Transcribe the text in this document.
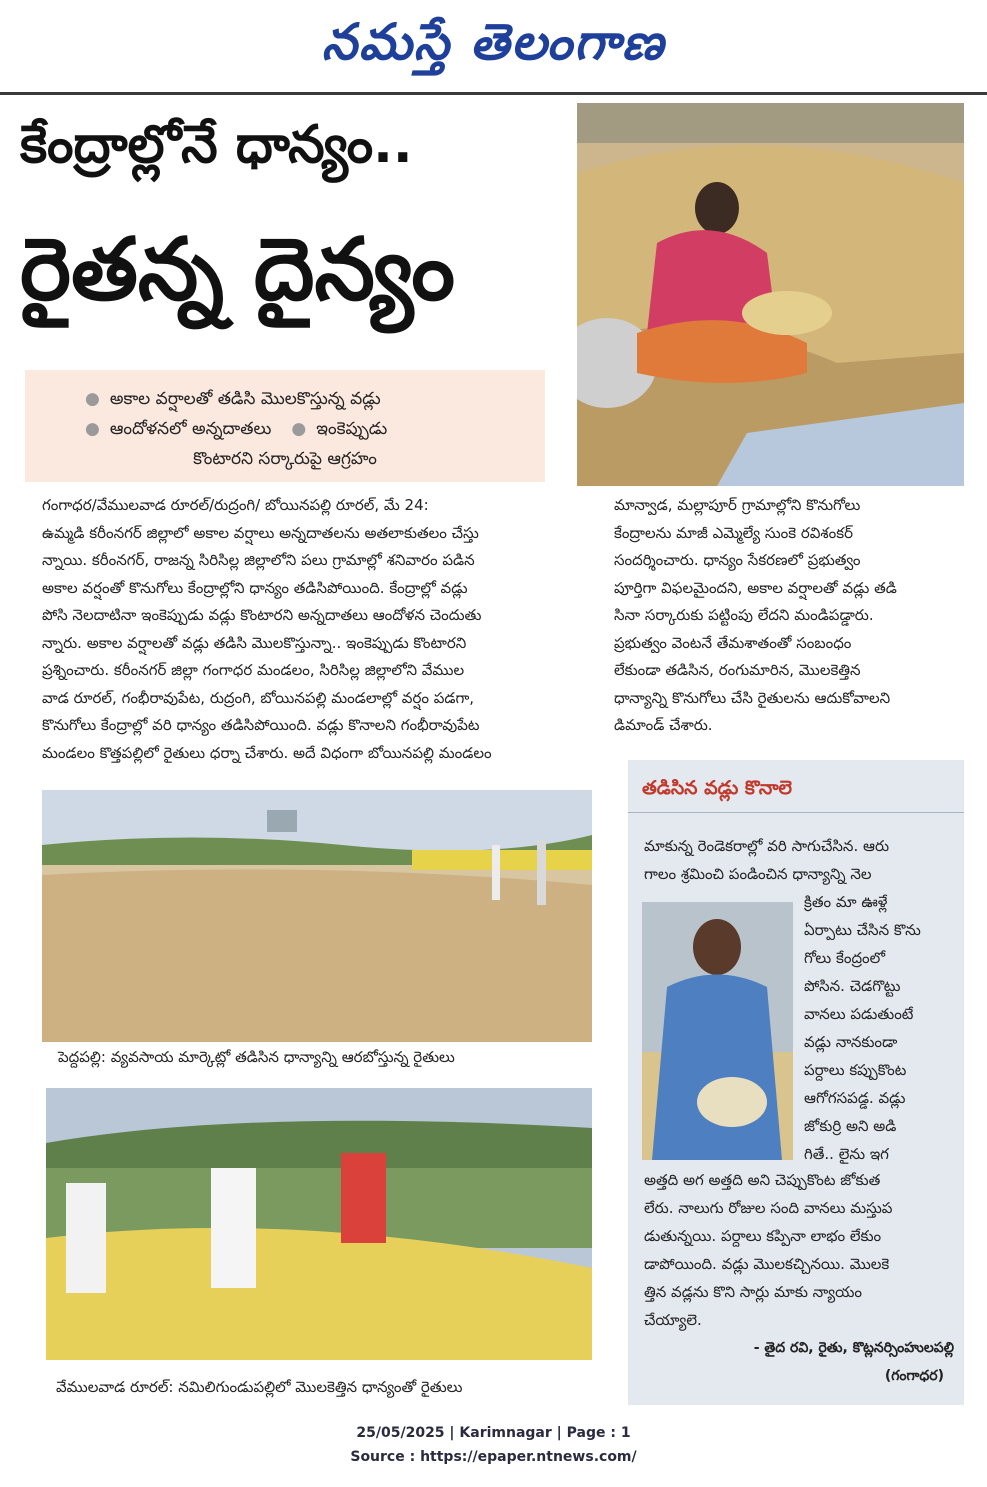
నమస్తే తెలంగాణ
కేంద్రాల్లోనే ధాన్యం..
రైతన్న దైన్యం
● అకాల వర్షాలతో తడిసి మొలకొస్తున్న వడ్లు
● ఆందోళనలో అన్నదాతలు ● ఇంకెప్పుడు
కొంటారని సర్కారుపై ఆగ్రహం
గంగాధర/వేములవాడ రూరల్/రుద్రంగి/ బోయినపల్లి రూరల్, మే 24:
ఉమ్మడి కరీంనగర్ జిల్లాలో అకాల వర్షాలు అన్నదాతలను అతలాకుతలం చేస్తు
న్నాయి. కరీంనగర్, రాజన్న సిరిసిల్ల జిల్లాలోని పలు గ్రామాల్లో శనివారం పడిన
అకాల వర్షంతో కొనుగోలు కేంద్రాల్లోని ధాన్యం తడిసిపోయింది. కేంద్రాల్లో వడ్లు
పోసి నెలదాటినా ఇంకెప్పుడు వడ్లు కొంటారని అన్నదాతలు ఆందోళన చెందుతు
న్నారు. అకాల వర్షాలతో వడ్లు తడిసి మొలకొస్తున్నా.. ఇంకెప్పుడు కొంటారని
ప్రశ్నించారు. కరీంనగర్ జిల్లా గంగాధర మండలం, సిరిసిల్ల జిల్లాలోని వేముల
వాడ రూరల్, గంభీరావుపేట, రుద్రంగి, బోయినపల్లి మండలాల్లో వర్షం పడగా,
కొనుగోలు కేంద్రాల్లో వరి ధాన్యం తడిసిపోయింది. వడ్లు కొనాలని గంభీరావుపేట
మండలం కొత్తపల్లిలో రైతులు ధర్నా చేశారు. అదే విధంగా బోయినపల్లి మండలం
మాన్వాడ, మల్లాపూర్ గ్రామాల్లోని కొనుగోలు
కేంద్రాలను మాజీ ఎమ్మెల్యే సుంకె రవిశంకర్
సందర్శించారు. ధాన్యం సేకరణలో ప్రభుత్వం
పూర్తిగా విఫలమైందని, అకాల వర్షాలతో వడ్లు తడి
సినా సర్కారుకు పట్టింపు లేదని మండిపడ్డారు.
ప్రభుత్వం వెంటనే తేమశాతంతో సంబంధం
లేకుండా తడిసిన, రంగుమారిన, మొలకెత్తిన
ధాన్యాన్ని కొనుగోలు చేసి రైతులను ఆదుకోవాలని
డిమాండ్ చేశారు.
పెద్దపల్లి: వ్యవసాయ మార్కెట్లో తడిసిన ధాన్యాన్ని ఆరబోస్తున్న రైతులు
వేములవాడ రూరల్: నమిలిగుండుపల్లిలో మొలకెత్తిన ధాన్యంతో రైతులు
తడిసిన వడ్లు కొనాలె
మాకున్న రెండెకరాల్లో వరి సాగుచేసిన. ఆరు
గాలం శ్రమించి పండించిన ధాన్యాన్ని నెల
క్రితం మా ఊళ్లే
ఏర్పాటు చేసిన కొను
గోలు కేంద్రంలో
పోసిన. చెడగొట్టు
వానలు పడుతుంటే
వడ్లు నానకుండా
పర్దాలు కప్పుకొంట
ఆగోగసపడ్డ. వడ్లు
జోకుర్రి అని అడి
గితే.. లైను ఇగ
అత్తది అగ అత్తది అని చెప్పుకొంట జోకుత
లేరు. నాలుగు రోజుల సంది వానలు మస్తుప
డుతున్నయి. పర్దాలు కప్పినా లాభం లేకుం
డాపోయింది. వడ్లు మొలకచ్చినయి. మొలకె
త్తిన వడ్లను కొని సార్లు మాకు న్యాయం
చేయ్యాలె.
- తైద రవి, రైతు, కొట్లనర్సింహులపల్లి
(గంగాధర)
25/05/2025 | Karimnagar | Page : 1
Source : https://epaper.ntnews.com/
